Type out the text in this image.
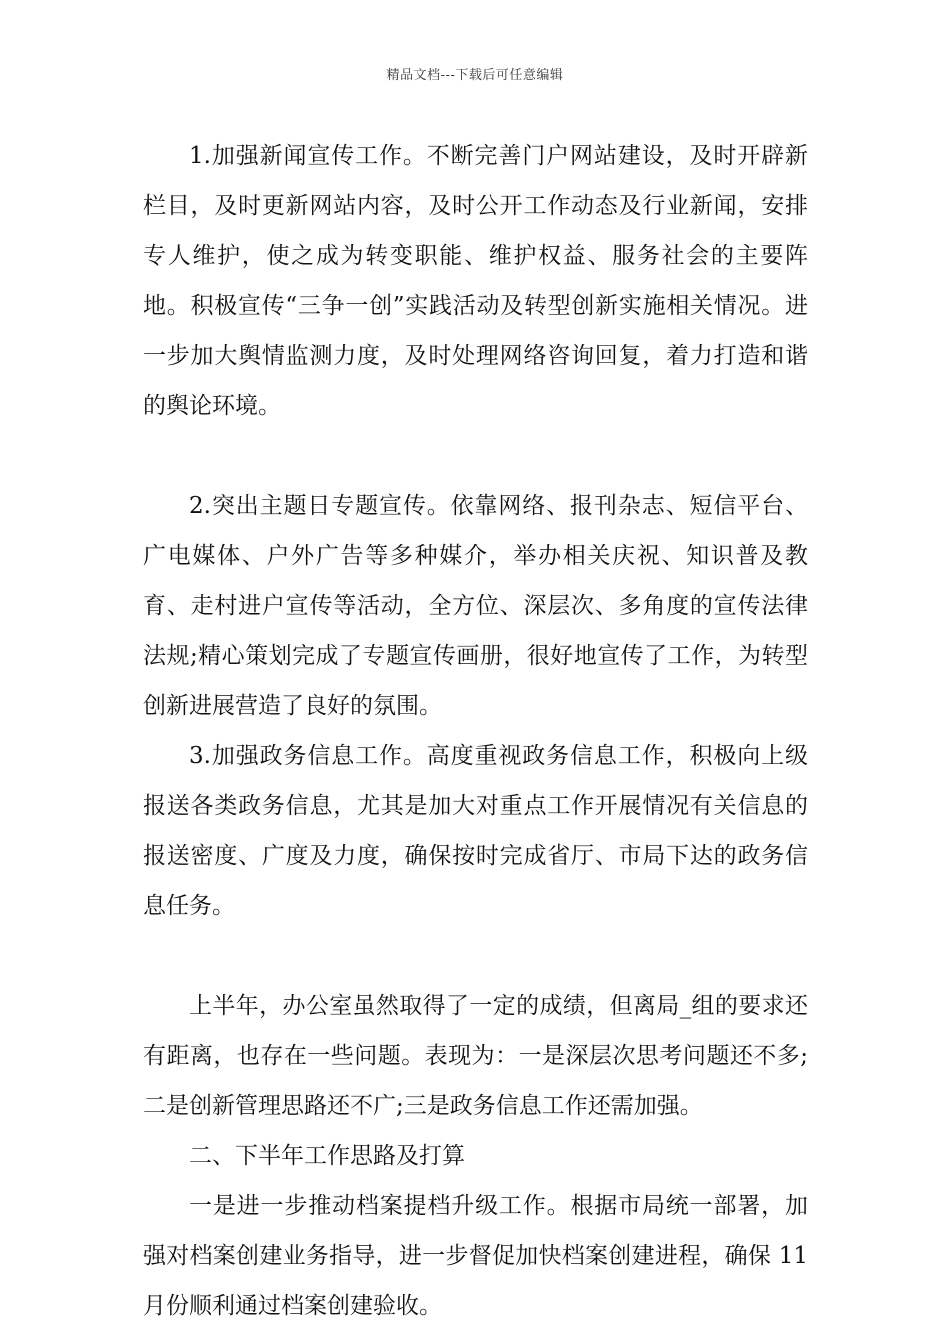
精品文档---下载后可任意编辑

1.加强新闻宣传工作。不断完善门户网站建设，及时开辟新栏目，及时更新网站内容，及时公开工作动态及行业新闻，安排专人维护，使之成为转变职能、维护权益、服务社会的主要阵地。积极宣传“三争一创”实践活动及转型创新实施相关情况。进一步加大舆情监测力度，及时处理网络咨询回复，着力打造和谐的舆论环境。

2.突出主题日专题宣传。依靠网络、报刊杂志、短信平台、广电媒体、户外广告等多种媒介，举办相关庆祝、知识普及教育、走村进户宣传等活动，全方位、深层次、多角度的宣传法律法规;精心策划完成了专题宣传画册，很好地宣传了工作，为转型创新进展营造了良好的氛围。

3.加强政务信息工作。高度重视政务信息工作，积极向上级报送各类政务信息，尤其是加大对重点工作开展情况有关信息的报送密度、广度及力度，确保按时完成省厅、市局下达的政务信息任务。

上半年，办公室虽然取得了一定的成绩，但离局_组的要求还有距离，也存在一些问题。表现为：一是深层次思考问题还不多;二是创新管理思路还不广;三是政务信息工作还需加强。

二、下半年工作思路及打算

一是进一步推动档案提档升级工作。根据市局统一部署，加强对档案创建业务指导，进一步督促加快档案创建进程，确保 11 月份顺利通过档案创建验收。
